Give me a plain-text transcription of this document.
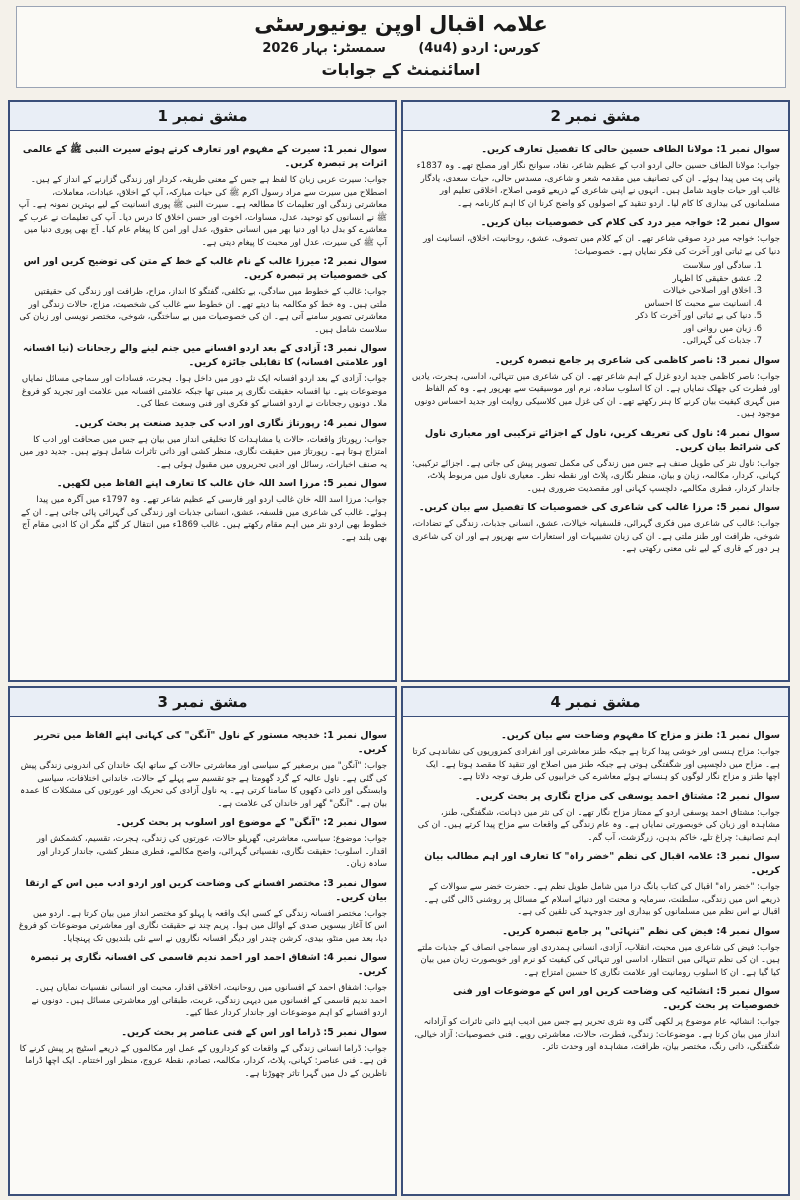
علامہ اقبال اوپن یونیورسٹی
کورس: اردو (4u4) سمسٹر: بہار 2026
اسائنمنٹ کے جوابات
مشق نمبر 2
سوال نمبر 1: مولانا الطاف حسین حالی کا تفصیل تعارف کریں۔

جواب: مولانا الطاف حسین حالی اردو ادب کے عظیم شاعر، نقاد، سوانح نگار اور مصلح تھے۔ وہ 1837ء پانی پت میں پیدا ہوئے۔ ان کی تصانیف میں مقدمہ شعر و شاعری، مسدس حالی، حیات سعدی، یادگار غالب اور حیات جاوید شامل ہیں۔ انہوں نے اپنی شاعری کے ذریعے قومی اصلاح، اخلاقی تعلیم اور مسلمانوں کی بیداری کا کام لیا۔ اردو تنقید کے اصولوں کو واضح کرنا ان کا اہم کارنامہ ہے۔

سوال نمبر 2: خواجہ میر درد کی کلام کی خصوصیات بیان کریں۔

جواب: خواجہ میر درد صوفی شاعر تھے۔ ان کے کلام میں تصوف، عشق، روحانیت، اخلاق، انسانیت اور دنیا کی بے ثباتی اور آخرت کی فکر نمایاں ہے۔ خصوصیات:

1. سادگی اور سلاست
2. عشق حقیقی کا اظہار
3. اخلاق اور اصلاحی خیالات
4. انسانیت سے محبت کا احساس
5. دنیا کی بے ثباتی اور آخرت کا ذکر
6. زبان میں روانی اور
7. جذبات کی گہرائی۔
سوال نمبر 3: ناصر کاظمی کی شاعری پر جامع تبصرہ کریں۔

جواب: ناصر کاظمی جدید اردو غزل کے اہم شاعر تھے۔ ان کی شاعری میں تنہائی، اداسی، ہجرت، یادیں اور فطرت کی جھلک نمایاں ہے۔ ان کا اسلوب سادہ، نرم اور موسیقیت سے بھرپور ہے۔ وہ کم الفاظ میں گہری کیفیت بیان کرنے کا ہنر رکھتے تھے۔ ان کی غزل میں کلاسیکی روایت اور جدید احساس دونوں موجود ہیں۔

سوال نمبر 4: ناول کی تعریف کریں، ناول کے اجزائے ترکیبی اور معیاری ناول کی شرائط بیان کریں۔

جواب: ناول نثر کی طویل صنف ہے جس میں زندگی کی مکمل تصویر پیش کی جاتی ہے۔ اجزائے ترکیبی: کہانی، کردار، مکالمہ، زبان و بیان، منظر نگاری، پلاٹ اور نقطہ نظر۔ معیاری ناول میں مربوط پلاٹ، جاندار کردار، فطری مکالمے، دلچسپ کہانی اور مقصدیت ضروری ہیں۔

سوال نمبر 5: مرزا غالب کی شاعری کی خصوصیات کا تفصیل سے بیان کریں۔

جواب: غالب کی شاعری میں فکری گہرائی، فلسفیانہ خیالات، عشق، انسانی جذبات، زندگی کے تضادات، شوخی، ظرافت اور طنز ملتی ہے۔ ان کی زبان تشبیہات اور استعارات سے بھرپور ہے اور ان کی شاعری ہر دور کے قاری کے لیے نئی معنی رکھتی ہے۔

مشق نمبر 1
سوال نمبر 1: سیرت کے مفہوم اور تعارف کرتے ہوئے سیرت النبی ﷺ کے عالمی اثرات پر تبصرہ کریں۔

جواب: سیرت عربی زبان کا لفظ ہے جس کے معنی طریقہ، کردار اور زندگی گزارنے کے انداز کے ہیں۔ اصطلاح میں سیرت سے مراد رسول اکرم ﷺ کی حیات مبارکہ، آپ کے اخلاق، عبادات، معاملات، معاشرتی زندگی اور تعلیمات کا مطالعہ ہے۔ سیرت النبی ﷺ پوری انسانیت کے لیے بہترین نمونہ ہے۔ آپ ﷺ نے انسانوں کو توحید، عدل، مساوات، اخوت اور حسن اخلاق کا درس دیا۔ آپ کی تعلیمات نے عرب کے معاشرے کو بدل دیا اور دنیا بھر میں انسانی حقوق، عدل اور امن کا پیغام عام کیا۔ آج بھی پوری دنیا میں آپ ﷺ کی سیرت، عدل اور محبت کا پیغام دیتی ہے۔

سوال نمبر 2: میرزا غالب کے نام غالب کے خط کے متن کی توضیح کریں اور اس کی خصوصیات پر تبصرہ کریں۔

جواب: غالب کے خطوط میں سادگی، بے تکلفی، گفتگو کا انداز، مزاح، ظرافت اور زندگی کی حقیقتیں ملتی ہیں۔ وہ خط کو مکالمہ بنا دیتے تھے۔ ان خطوط سے غالب کی شخصیت، مزاج، حالات زندگی اور معاشرتی تصویر سامنے آتی ہے۔ ان کی خصوصیات میں بے ساختگی، شوخی، مختصر نویسی اور زبان کی سلاست شامل ہیں۔

سوال نمبر 3: آزادی کے بعد اردو افسانے میں جنم لینے والے رجحانات (نیا افسانہ اور علامتی افسانہ) کا تقابلی جائزہ کریں۔

جواب: آزادی کے بعد اردو افسانہ ایک نئے دور میں داخل ہوا۔ ہجرت، فسادات اور سماجی مسائل نمایاں موضوعات بنے۔ نیا افسانہ حقیقت نگاری پر مبنی تھا جبکہ علامتی افسانہ میں علامت اور تجرید کو فروغ ملا۔ دونوں رجحانات نے اردو افسانے کو فکری اور فنی وسعت عطا کی۔

سوال نمبر 4: رپورتاژ نگاری اور ادب کی جدید صنعت پر بحث کریں۔

جواب: رپورتاژ واقعات، حالات یا مشاہدات کا تخلیقی انداز میں بیان ہے جس میں صحافت اور ادب کا امتزاج ہوتا ہے۔ رپورتاژ میں حقیقت نگاری، منظر کشی اور ذاتی تاثرات شامل ہوتے ہیں۔ جدید دور میں یہ صنف اخبارات، رسائل اور ادبی تحریروں میں مقبول ہوئی ہے۔

سوال نمبر 5: مرزا اسد اللہ خان غالب کا تعارف اپنے الفاظ میں لکھیں۔

جواب: مرزا اسد اللہ خان غالب اردو اور فارسی کے عظیم شاعر تھے۔ وہ 1797ء میں آگرہ میں پیدا ہوئے۔ غالب کی شاعری میں فلسفہ، عشق، انسانی جذبات اور زندگی کی گہرائی پائی جاتی ہے۔ ان کے خطوط بھی اردو نثر میں اہم مقام رکھتے ہیں۔ غالب 1869ء میں انتقال کر گئے مگر ان کا ادبی مقام آج بھی بلند ہے۔

مشق نمبر 4
سوال نمبر 1: طنز و مزاح کا مفہوم وضاحت سے بیان کریں۔

جواب: مزاح ہنسی اور خوشی پیدا کرتا ہے جبکہ طنز معاشرتی اور انفرادی کمزوریوں کی نشاندہی کرتا ہے۔ مزاح میں دلچسپی اور شگفتگی ہوتی ہے جبکہ طنز میں اصلاح اور تنقید کا مقصد ہوتا ہے۔ ایک اچھا طنز و مزاح نگار لوگوں کو ہنساتے ہوئے معاشرے کی خرابیوں کی طرف توجہ دلاتا ہے۔

سوال نمبر 2: مشتاق احمد یوسفی کی مزاح نگاری پر بحث کریں۔

جواب: مشتاق احمد یوسفی اردو کے ممتاز مزاح نگار تھے۔ ان کی نثر میں ذہانت، شگفتگی، طنز، مشاہدہ اور زبان کی خوبصورتی نمایاں ہے۔ وہ عام زندگی کے واقعات سے مزاح پیدا کرتے ہیں۔ ان کی اہم تصانیف: چراغ تلے، خاکم بدہن، زرگزشت، آب گم۔

سوال نمبر 3: علامہ اقبال کی نظم "خضر راہ" کا تعارف اور اہم مطالب بیان کریں۔

جواب: "خضر راہ" اقبال کی کتاب بانگ درا میں شامل طویل نظم ہے۔ حضرت خضر سے سوالات کے ذریعے اس میں زندگی، سلطنت، سرمایہ و محنت اور دنیائے اسلام کے مسائل پر روشنی ڈالی گئی ہے۔ اقبال نے اس نظم میں مسلمانوں کو بیداری اور جدوجہد کی تلقین کی ہے۔

سوال نمبر 4: فیض کی نظم "تنہائی" پر جامع تبصرہ کریں۔

جواب: فیض کی شاعری میں محبت، انقلاب، آزادی، انسانی ہمدردی اور سماجی انصاف کے جذبات ملتے ہیں۔ ان کی نظم تنہائی میں انتظار، اداسی اور تنہائی کی کیفیت کو نرم اور خوبصورت زبان میں بیان کیا گیا ہے۔ ان کا اسلوب رومانیت اور علامت نگاری کا حسین امتزاج ہے۔

سوال نمبر 5: انشائیہ کی وضاحت کریں اور اس کے موضوعات اور فنی خصوصیات پر بحث کریں۔

جواب: انشائیہ عام موضوع پر لکھی گئی وہ نثری تحریر ہے جس میں ادیب اپنے ذاتی تاثرات کو آزادانہ انداز میں بیان کرتا ہے۔ موضوعات: زندگی، فطرت، حالات، معاشرتی رویے۔ فنی خصوصیات: آزاد خیالی، شگفتگی، ذاتی رنگ، مختصر بیان، ظرافت، مشاہدہ اور وحدت تاثر۔

مشق نمبر 3
سوال نمبر 1: خدیجہ مستور کے ناول "آنگن" کی کہانی اپنے الفاظ میں تحریر کریں۔

جواب: "آنگن" میں برصغیر کے سیاسی اور معاشرتی حالات کے ساتھ ایک خاندان کی اندرونی زندگی پیش کی گئی ہے۔ ناول عالیہ کے گرد گھومتا ہے جو تقسیم سے پہلے کے حالات، خاندانی اختلافات، سیاسی وابستگی اور ذاتی دکھوں کا سامنا کرتی ہے۔ یہ ناول آزادی کی تحریک اور عورتوں کی مشکلات کا عمدہ بیان ہے۔ "آنگن" گھر اور خاندان کی علامت ہے۔

سوال نمبر 2: "آنگن" کے موضوع اور اسلوب پر بحث کریں۔

جواب: موضوع: سیاسی، معاشرتی، گھریلو حالات، عورتوں کی زندگی، ہجرت، تقسیم، کشمکش اور اقدار۔ اسلوب: حقیقت نگاری، نفسیاتی گہرائی، واضح مکالمے، فطری منظر کشی، جاندار کردار اور سادہ زبان۔

سوال نمبر 3: مختصر افسانے کی وضاحت کریں اور اردو ادب میں اس کے ارتقا بیان کریں۔

جواب: مختصر افسانہ زندگی کے کسی ایک واقعہ یا پہلو کو مختصر انداز میں بیان کرتا ہے۔ اردو میں اس کا آغاز بیسویں صدی کے اوائل میں ہوا۔ پریم چند نے حقیقت نگاری اور معاشرتی موضوعات کو فروغ دیا، بعد میں منٹو، بیدی، کرشن چندر اور دیگر افسانہ نگاروں نے اسے نئی بلندیوں تک پہنچایا۔

سوال نمبر 4: اشفاق احمد اور احمد ندیم قاسمی کی افسانہ نگاری پر تبصرہ کریں۔

جواب: اشفاق احمد کے افسانوں میں روحانیت، اخلاقی اقدار، محبت اور انسانی نفسیات نمایاں ہیں۔ احمد ندیم قاسمی کے افسانوں میں دیہی زندگی، غربت، طبقاتی اور معاشرتی مسائل ہیں۔ دونوں نے اردو افسانے کو اہم موضوعات اور جاندار کردار عطا کیے۔

سوال نمبر 5: ڈراما اور اس کے فنی عناصر پر بحث کریں۔

جواب: ڈراما انسانی زندگی کے واقعات کو کرداروں کے عمل اور مکالموں کے ذریعے اسٹیج پر پیش کرنے کا فن ہے۔ فنی عناصر: کہانی، پلاٹ، کردار، مکالمہ، تصادم، نقطۂ عروج، منظر اور اختتام۔ ایک اچھا ڈراما ناظرین کے دل میں گہرا تاثر چھوڑتا ہے۔
